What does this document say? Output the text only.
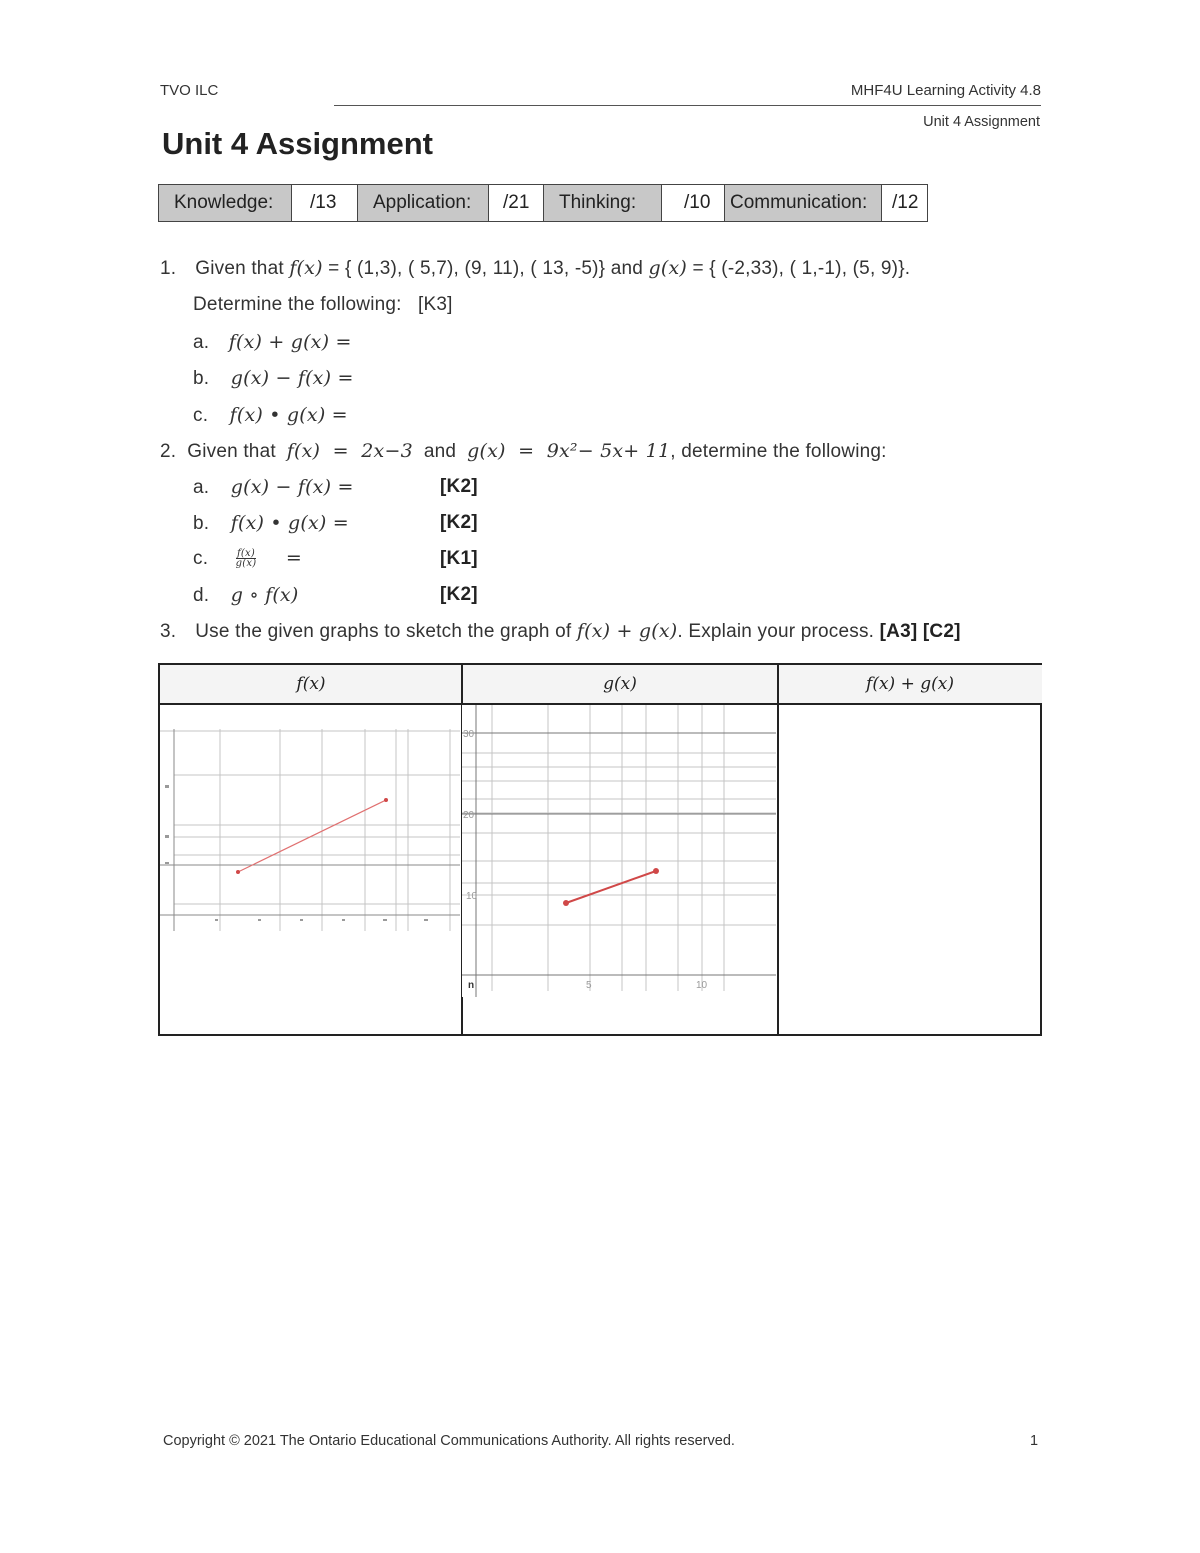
TVO ILC	MHF4U Learning Activity 4.8
Unit 4 Assignment
Unit 4 Assignment
Knowledge:	/13	Application:	/21	Thinking:	/10	Communication:	/12
1. Given that f(x) = { (1,3), ( 5,7), (9, 11), ( 13, -5)} and g(x) = { (-2,33), ( 1,-1), (5, 9)}.
Determine the following:   [K3]
a. f(x) + g(x) =
b. g(x) − f(x) =
c. f(x) • g(x) =
2. Given that f(x)  =  2x−3 and g(x)  =  9x²− 5x+ 11, determine the following:
a. g(x) − f(x) =	[K2]
b. f(x) • g(x) =	[K2]
c.	$\frac{f(x)}{g(x)}$ =	[K1]
d. g ∘ f(x)	[K2]
3. Use the given graphs to sketch the graph of f(x) + g(x). Explain your process. [A3] [C2]
f(x)	g(x)	f(x) + g(x)
30
20
10
n	5	10
Copyright © 2021 The Ontario Educational Communications Authority. All rights reserved.	1
